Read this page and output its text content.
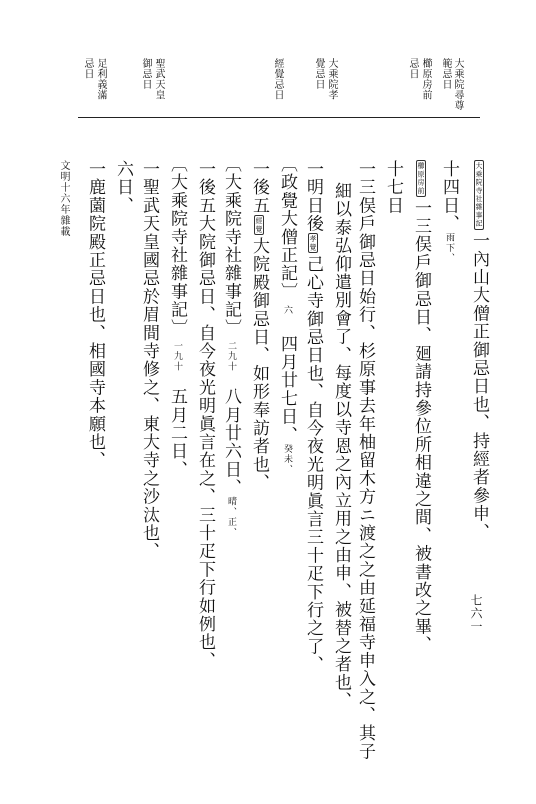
大乘院尋尊
範忌日
櫛原房前
忌日
大乘院孝
覺忌日
經覺忌日
聖武天皇
御忌日
足利義滿
忌日
大乘院寺社雜事記一內山大僧正御忌日也、持經者參申、
十四日、雨下、
櫛原房前一三俣戶御忌日、廻請持參位所相違之間、被書改之畢、
十七日
一三俣戶御忌日始行、杉原事去年柚留木方ニ渡之之由延福寺申入之、其子
細以泰弘仰遣別會了、每度以寺恩之內立用之由申、被替之者也、
一明日後孝覺己心寺御忌日也、自今夜光明眞言三十疋下行之了、
〔政覺大僧正記〕六四月廿七日、癸未、
一後五經覺大院殿御忌日、如形奉訪者也、
〔大乘院寺社雜事記〕二九十八月廿六日、晴、正、
一後五大院御忌日、自今夜光明眞言在之、三十疋下行如例也、
〔大乘院寺社雜事記〕一九十五月二日、
一聖武天皇國忌於眉間寺修之、東大寺之沙汰也、
六日、
一鹿薗院殿正忌日也、相國寺本願也、
文明十六年雜載
七六一
